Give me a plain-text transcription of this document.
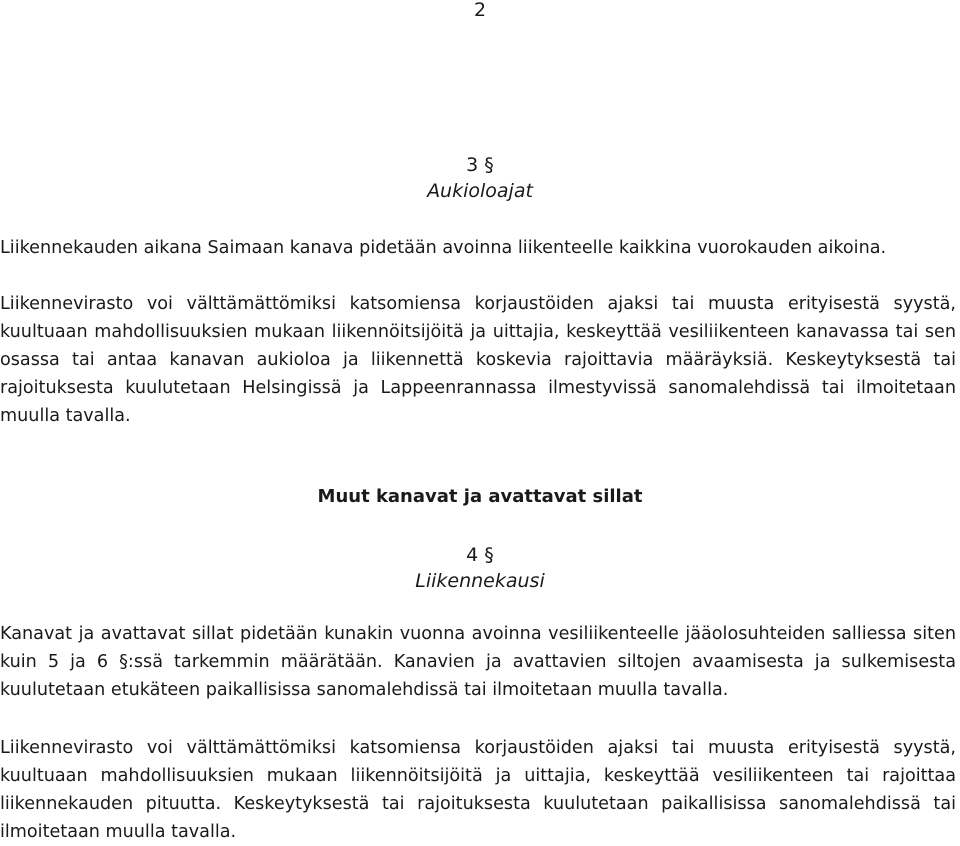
2
3 §
Aukioloajat

Liikennekauden aikana Saimaan kanava pidetään avoinna liikenteelle kaikkina vuorokauden aikoina.

Liikennevirasto voi välttämättömiksi katsomiensa korjaustöiden ajaksi tai muusta erityisestä syystä, kuultuaan mahdollisuuksien mukaan liikennöitsijöitä ja uittajia, keskeyttää vesiliikenteen kanavassa tai sen osassa tai antaa kanavan aukioloa ja liikennettä koskevia rajoittavia määräyksiä. Keskeytyksestä tai rajoituksesta kuulutetaan Helsingissä ja Lappeenrannassa ilmestyvissä sanomalehdissä tai ilmoitetaan muulla tavalla.

Muut kanavat ja avattavat sillat
4 §
Liikennekausi

Kanavat ja avattavat sillat pidetään kunakin vuonna avoinna vesiliikenteelle jääolosuhteiden salliessa siten kuin 5 ja 6 §:ssä tarkemmin määrätään. Kanavien ja avattavien siltojen avaamisesta ja sulkemisesta kuulutetaan etukäteen paikallisissa sanomalehdissä tai ilmoitetaan muulla tavalla.

Liikennevirasto voi välttämättömiksi katsomiensa korjaustöiden ajaksi tai muusta erityisestä syystä, kuultuaan mahdollisuuksien mukaan liikennöitsijöitä ja uittajia, keskeyttää vesiliikenteen tai rajoittaa liikennekauden pituutta. Keskeytyksestä tai rajoituksesta kuulutetaan paikallisissa sanomalehdissä tai ilmoitetaan muulla tavalla.
